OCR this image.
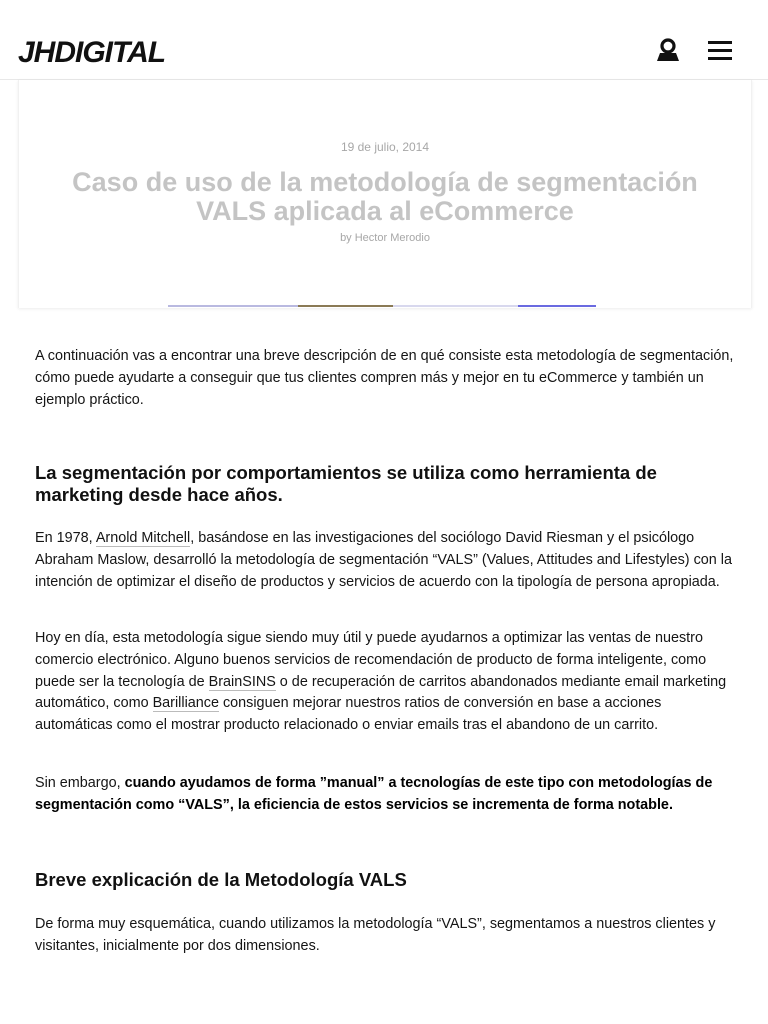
JHDIGITAL
19 de julio, 2014
Caso de uso de la metodología de segmentación VALS aplicada al eCommerce
by Hector Merodio

A continuación vas a encontrar una breve descripción de en qué consiste esta metodología de segmentación, cómo puede ayudarte a conseguir que tus clientes compren más y mejor en tu eCommerce y también un ejemplo práctico.

La segmentación por comportamientos se utiliza como herramienta de marketing desde hace años.

En 1978, Arnold Mitchell, basándose en las investigaciones del sociólogo David Riesman y el psicólogo Abraham Maslow, desarrolló la metodología de segmentación “VALS” (Values, Attitudes and Lifestyles) con la intención de optimizar el diseño de productos y servicios de acuerdo con la tipología de persona apropiada.

Hoy en día, esta metodología sigue siendo muy útil y puede ayudarnos a optimizar las ventas de nuestro comercio electrónico. Alguno buenos servicios de recomendación de producto de forma inteligente, como puede ser la tecnología de BrainSINS o de recuperación de carritos abandonados mediante email marketing automático, como Barilliance consiguen mejorar nuestros ratios de conversión en base a acciones automáticas como el mostrar producto relacionado o enviar emails tras el abandono de un carrito.

Sin embargo, cuando ayudamos de forma ”manual” a tecnologías de este tipo con metodologías de segmentación como “VALS”, la eficiencia de estos servicios se incrementa de forma notable.

Breve explicación de la Metodología VALS

De forma muy esquemática, cuando utilizamos la metodología “VALS”, segmentamos a nuestros clientes y visitantes, inicialmente por dos dimensiones.
